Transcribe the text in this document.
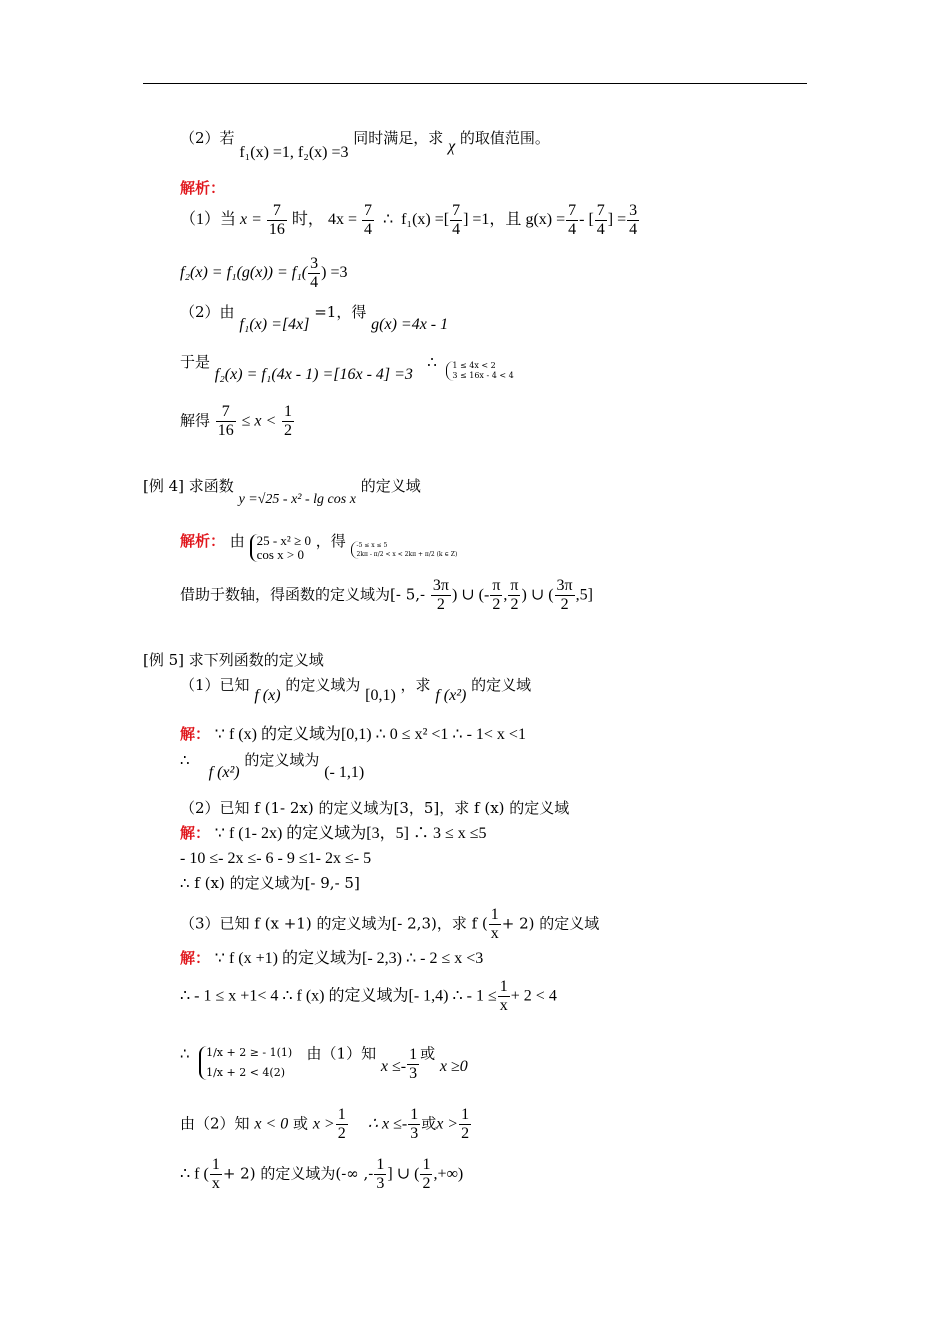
（2）若 f₁(x) =1, f₂(x) =3 同时满足，求 χ 的取值范围。
解析：
（1）当 $x = \frac{7}{16}$ 时， $4x = \frac{7}{4}$ ∴ f₁(x) =[ $\frac{7}{4}$ ] =1，且 $g(x) = \frac{7}{4}$ - [ $\frac{7}{4}$ ] = $\frac{3}{4}$
$f_2(x) = f_1(g(x)) = f_1( \frac{3}{4}$ ) =3
（2）由 f₁(x) =[4x] =1，得 g(x) =4x - 1
于是 f₂(x) = f₁(4x - 1) =[16x - 4] =3   ∴ 1 ≤ 4x < 2
3 ≤ 16x - 4 < 4
解得 $\frac{7}{16} \le x < \frac{1}{2}$
[例 4] 求函数 y =√25 - x² - lg cos x 的定义域
解析： 由 25 - x² ≥ 0
cos x > 0
，得 -5 ≤ x ≤ 5
2kπ - π/2 < x < 2kπ + π/2 (k ∈ Z)
借助于数轴，得函数的定义域为[- $5,- \frac{3\pi}{2}$ ) ∪ (- $\frac{\pi}{2}$ , $\frac{\pi}{2}$ ) ∪ ( $\frac{3\pi}{2} ,5$]
[例 5] 求下列函数的定义域
（1）已知 f (x) 的定义域为 [0,1) ，求 f (x²) 的定义域
解： ∵ f (x) 的定义域为[0,1) ∴ 0 ≤ x² <1 ∴ - 1< x <1
∴    f (x²) 的定义域为 (- 1,1)
（2）已知 f (1- 2x) 的定义域为[3，5]，求 f (x) 的定义域
解： ∵ f (1- 2x) 的定义域为[3，5] ∴ 3 ≤ x ≤5
- 10 ≤- 2x ≤- 6 - 9 ≤1- 2x ≤- 5
∴ f (x) 的定义域为[- 9,- 5]
（3）已知 f (x +1) 的定义域为[- 2,3)，求 f ( $\frac{1}{x} + 2$) 的定义域
解： ∵ f (x +1) 的定义域为[- 2,3) ∴ - 2 ≤ x <3
∴ - 1 ≤ x +1< 4 ∴ f (x) 的定义域为[- 1,4) ∴ - $1 \le \frac{1}{x} + 2 < 4$
∴ 1/x + 2 ≥ - 1(1)
1/x + 2 < 4(2)
由（1）知 $x \le- \frac{1}{3}$ 或 x ≥0
由（2）知 x < 0 或 $x > \frac{1}{2}$ ∴ $x \le- \frac{1}{3}$ 或$x > \frac{1}{2}$
∴ f ( $\frac{1}{x} + 2$) 的定义域为(-∞ ,- $\frac{1}{3}$ ] ∪ ( $\frac{1}{2}$ ,+∞)
